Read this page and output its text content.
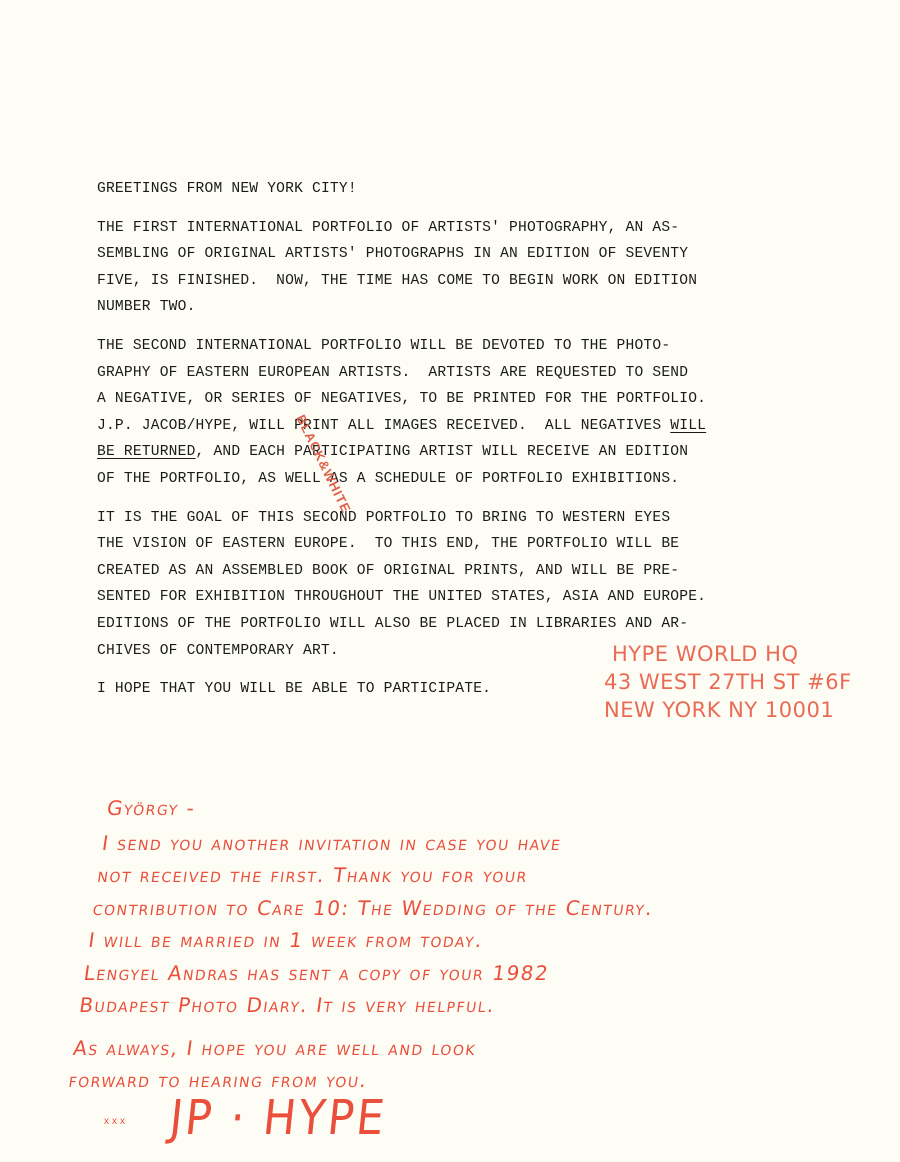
GREETINGS FROM NEW YORK CITY!

THE FIRST INTERNATIONAL PORTFOLIO OF ARTISTS' PHOTOGRAPHY, AN AS-
SEMBLING OF ORIGINAL ARTISTS' PHOTOGRAPHS IN AN EDITION OF SEVENTY
FIVE, IS FINISHED.  NOW, THE TIME HAS COME TO BEGIN WORK ON EDITION
NUMBER TWO.

THE SECOND INTERNATIONAL PORTFOLIO WILL BE DEVOTED TO THE PHOTO-
GRAPHY OF EASTERN EUROPEAN ARTISTS.  ARTISTS ARE REQUESTED TO SEND
A NEGATIVE, OR SERIES OF NEGATIVES, TO BE PRINTED FOR THE PORTFOLIO.
J.P. JACOB/HYPE, WILL PRINT ALL IMAGES RECEIVED.  ALL NEGATIVES WILL
BE RETURNED, AND EACH PARTICIPATING ARTIST WILL RECEIVE AN EDITION
OF THE PORTFOLIO, AS WELL AS A SCHEDULE OF PORTFOLIO EXHIBITIONS.

IT IS THE GOAL OF THIS SECOND PORTFOLIO TO BRING TO WESTERN EYES
THE VISION OF EASTERN EUROPE.  TO THIS END, THE PORTFOLIO WILL BE
CREATED AS AN ASSEMBLED BOOK OF ORIGINAL PRINTS, AND WILL BE PRE-
SENTED FOR EXHIBITION THROUGHOUT THE UNITED STATES, ASIA AND EUROPE.
EDITIONS OF THE PORTFOLIO WILL ALSO BE PLACED IN LIBRARIES AND AR-
CHIVES OF CONTEMPORARY ART.

I HOPE THAT YOU WILL BE ABLE TO PARTICIPATE.

BLACK&WHITE
HYPE WORLD HQ
43 WEST 27TH ST #6F
NEW YORK NY 10001
György -
I send you another invitation in case you have
not received the first. Thank you for your
contribution to Care 10: The Wedding of the Century.
I will be married in 1 week from today.
Lengyel Andras has sent a copy of your 1982
Budapest Photo Diary. It is very helpful.
As always, I hope you are well and look
forward to hearing from you.
xxx JP · HYPE
